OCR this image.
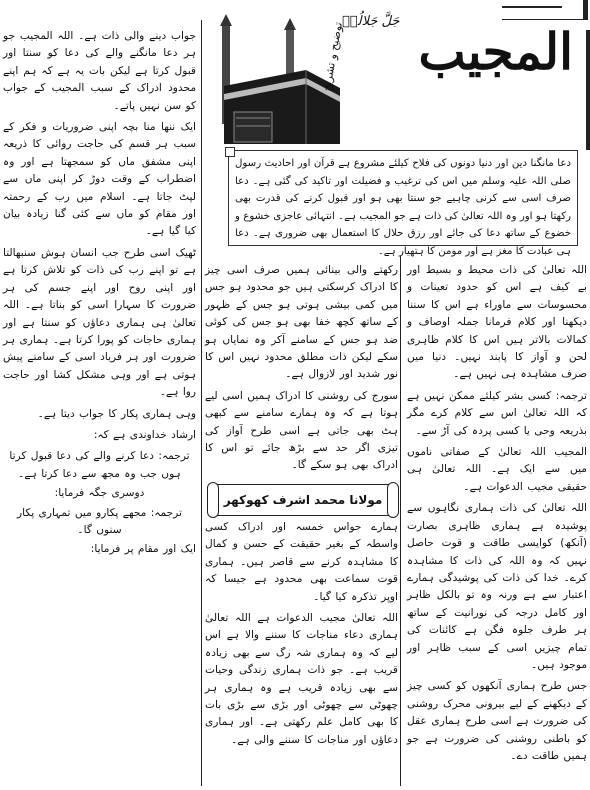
جَلَّ جَلالُہٗ
توضیح و تشریح المجیب
دعا مانگنا دین اور دنیا دونوں کی فلاح کیلئے مشروع ہے قرآن اور احادیث رسول صلی اللہ علیہ وسلم میں اس کی ترغیب و فضیلت اور تاکید کی گئی ہے۔ دعا صرف اسی سے کرنی چاہیے جو سنتا بھی ہو اور قبول کرنے کی قدرت بھی رکھتا ہو اور وہ اللہ تعالیٰ کی ذات ہے جو المجیب ہے۔ انتہائی عاجزی خشوع و خضوع کے ساتھ دعا کی جائے اور رزق حلال کا استعمال بھی ضروری ہے۔ دعا ہی عبادت کا مغز ہے اور مومن کا ہتھیار ہے۔

اللہ تعالیٰ کی ذات محیط و بسیط اور بے کیف ہے اس کو حدود تعینات و محسوسات سے ماوراء ہے اس کا سننا دیکھنا اور کلام فرمانا جملہ اوصاف و کمالات بالاتر ہیں اس کا کلام ظاہری لحن و آواز کا پابند نہیں۔ دنیا میں صرف مشاہدہ ہی نہیں ہے۔

ترجمہ: کسی بشر کیلئے ممکن نہیں ہے کہ اللہ تعالیٰ اس سے کلام کرے مگر بذریعہ وحی یا کسی پردہ کی آڑ سے۔

المجیب اللہ تعالیٰ کے صفاتی ناموں میں سے ایک ہے۔ اللہ تعالیٰ ہی حقیقی مجیب الدعوات ہے۔

اللہ تعالیٰ کی ذات ہماری نگاہوں سے پوشیدہ ہے ہماری ظاہری بصارت (آنکھ) کوایسی طاقت و قوت حاصل نہیں کہ وہ اللہ کی ذات کا مشاہدہ کرے۔ خدا کی ذات کی پوشیدگی ہمارے اعتبار سے ہے ورنہ وہ تو بالکل ظاہر اور کامل درجہ کی نورانیت کے ساتھ ہر طرف جلوہ فگن ہے کائنات کی تمام چیزیں اسی کے سبب ظاہر اور موجود ہیں۔

جس طرح ہماری آنکھوں کو کسی چیز کے دیکھنے کے لیے بیرونی محرک روشنی کی ضرورت ہے اسی طرح ہماری عقل کو باطنی روشنی کی ضرورت ہے جو ہمیں طاقت دے۔

رکھتے والی بینائی ہمیں صرف اسی چیز کا ادراک کرسکتی ہیں جو محدود ہو جس میں کمی بیشی ہوتی ہو جس کے ظہور کے ساتھ کچھ خفا بھی ہو جس کی کوئی ضد ہو جس کے سامنے آکر وہ نمایاں ہو سکے لیکن ذات مطلق محدود نہیں اس کا نور شدید اور لازوال ہے۔

سورج کی روشنی کا ادراک ہمیں اسی لیے ہوتا ہے کہ وہ ہمارے سامنے سے کبھی ہٹ بھی جاتی ہے اسی طرح آواز کی تیزی اگر حد سے بڑھ جائے تو اس کا ادراک بھی ہو سکے گا۔

ہمارے حواس خمسہ اور ادراک کسی واسطہ کے بغیر حقیقت کے حسن و کمال کا مشاہدہ کرنے سے قاصر ہیں۔ ہماری قوت سماعت بھی محدود ہے جیسا کہ اوپر تذکرہ کیا گیا۔

اللہ تعالیٰ مجیب الدعوات ہے اللہ تعالیٰ ہماری دعاء مناجات کا سننے والا ہے اس لیے کہ وہ ہماری شہ رگ سے بھی زیادہ قریب ہے۔ جو ذات ہماری زندگی وحیات سے بھی زیادہ قریب ہے وہ ہماری ہر چھوٹی سے چھوٹی اور بڑی سے بڑی بات کا بھی کامل علم رکھتی ہے۔ اور ہماری دعاؤں اور مناجات کا سننے والی ہے۔

مولانا محمد اشرف کھوکھر

جواب دینے والی ذات ہے۔ اللہ المجیب جو ہر دعا مانگنے والے کی دعا کو سنتا اور قبول کرتا ہے لیکن بات یہ ہے کہ ہم اپنے محدود ادراک کے سبب المجیب کے جواب کو سن نہیں پاتے۔

ایک ننھا منا بچہ اپنی ضروریات و فکر کے سبب ہر قسم کی حاجت روائی کا ذریعہ اپنی مشفق ماں کو سمجھتا ہے اور وہ اضطراب کے وقت دوڑ کر اپنی ماں سے لپٹ جاتا ہے۔ اسلام میں رب کے رحمتہ اور مقام کو ماں سے کئی گنا زیادہ بیان کیا گیا ہے۔

ٹھیک اسی طرح جب انسان ہوش سنبھالتا ہے تو اپنے رب کی ذات کو تلاش کرتا ہے اور اپنی روح اور اپنے جسم کی ہر ضرورت کا سہارا اسی کو بناتا ہے۔ اللہ تعالیٰ ہی ہماری دعاؤں کو سنتا ہے اور ہماری حاجات کو پورا کرتا ہے۔ ہماری ہر ضرورت اور ہر فریاد اسی کے سامنے پیش ہوتی ہے اور وہی مشکل کشا اور حاجت روا ہے۔

وہی ہماری پکار کا جواب دیتا ہے۔

ارشاد خداوندی ہے کہ:

ترجمہ: دعا کرنے والے کی دعا قبول کرتا ہوں جب وہ مجھ سے دعا کرتا ہے۔

دوسری جگہ فرمایا:

ترجمہ: مجھے پکارو میں تمہاری پکار سنوں گا۔

ایک اور مقام پر فرمایا:
